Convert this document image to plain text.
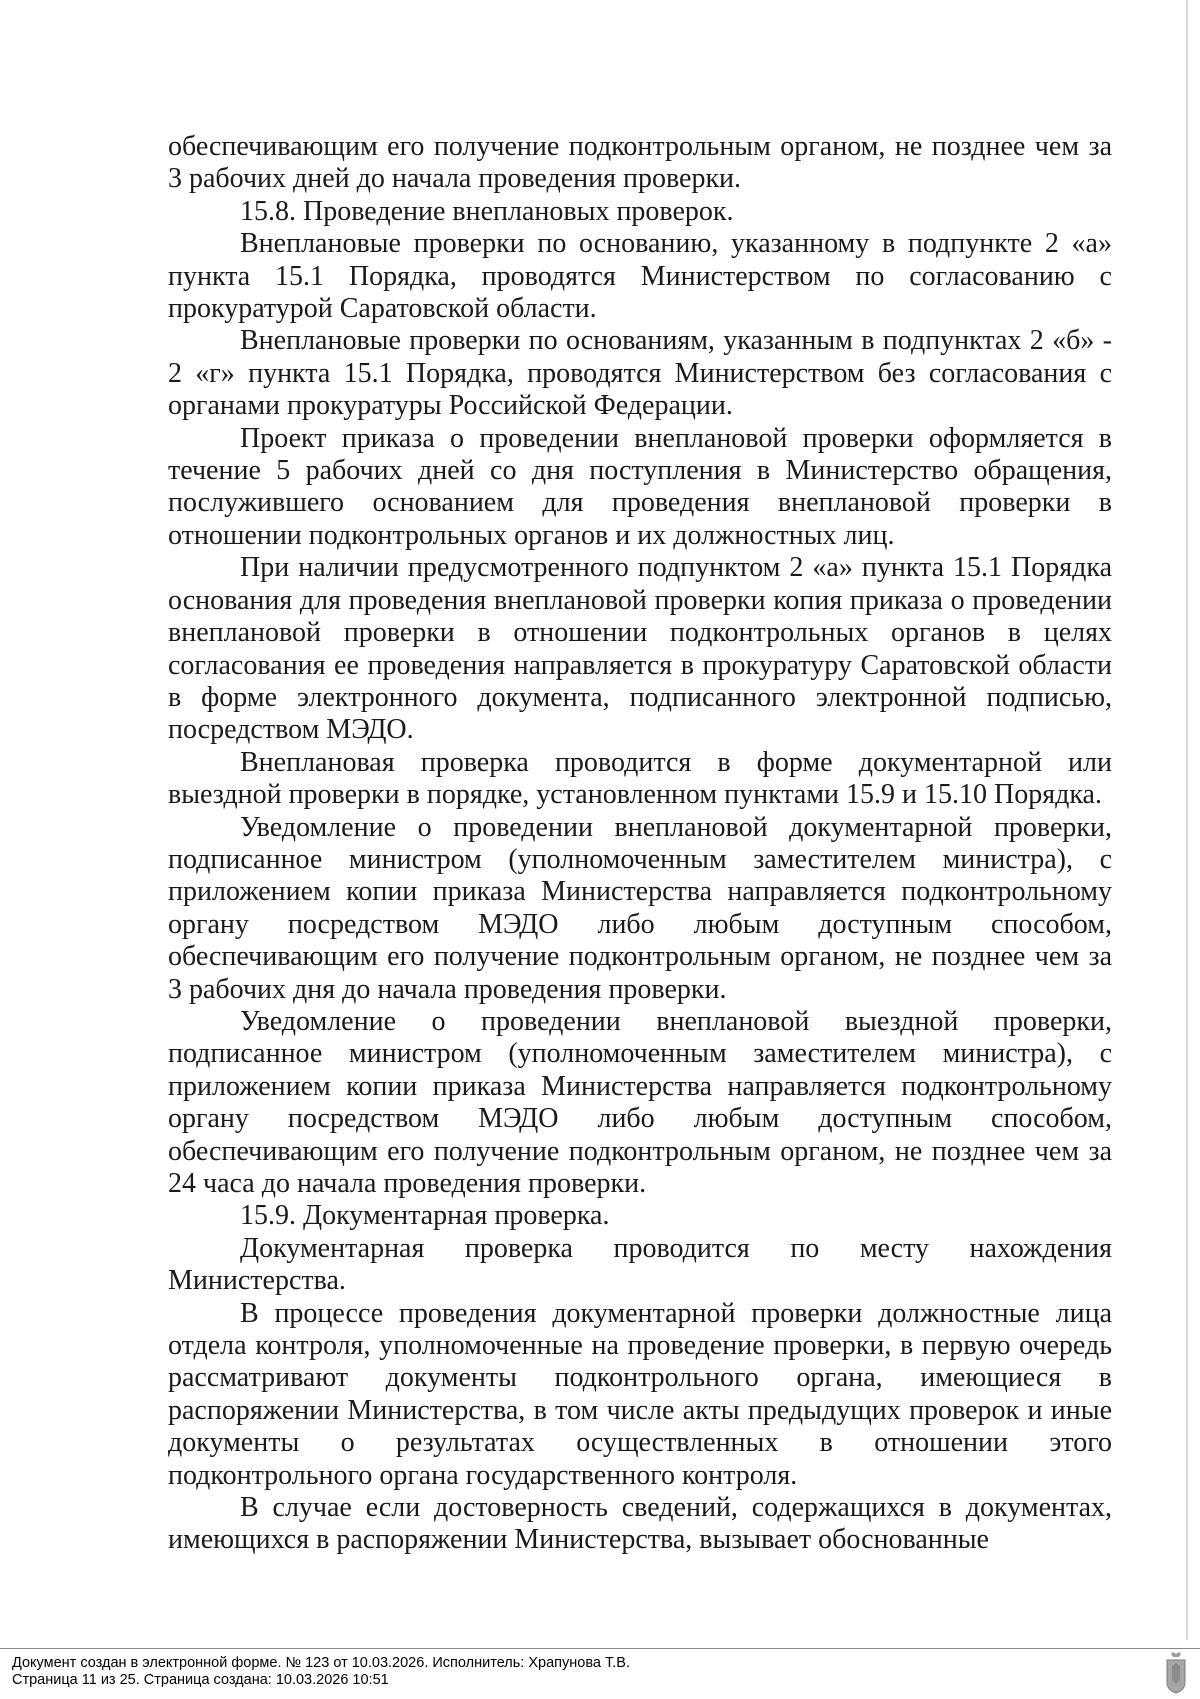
обеспечивающим его получение подконтрольным органом, не позднее чем за 3 рабочих дней до начала проведения проверки.

15.8. Проведение внеплановых проверок.

Внеплановые проверки по основанию, указанному в подпункте 2 «а» пункта 15.1 Порядка, проводятся Министерством по согласованию с прокуратурой Саратовской области.

Внеплановые проверки по основаниям, указанным в подпунктах 2 «б» - 2 «г» пункта 15.1 Порядка, проводятся Министерством без согласования с органами прокуратуры Российской Федерации.

Проект приказа о проведении внеплановой проверки оформляется в течение 5 рабочих дней со дня поступления в Министерство обращения, послужившего основанием для проведения внеплановой проверки в отношении подконтрольных органов и их должностных лиц.

При наличии предусмотренного подпунктом 2 «а» пункта 15.1 Порядка основания для проведения внеплановой проверки копия приказа о проведении внеплановой проверки в отношении подконтрольных органов в целях согласования ее проведения направляется в прокуратуру Саратовской области в форме электронного документа, подписанного электронной подписью, посредством МЭДО.

Внеплановая проверка проводится в форме документарной или выездной проверки в порядке, установленном пунктами 15.9 и 15.10 Порядка.

Уведомление о проведении внеплановой документарной проверки, подписанное министром (уполномоченным заместителем министра), с приложением копии приказа Министерства направляется подконтрольному органу посредством МЭДО либо любым доступным способом, обеспечивающим его получение подконтрольным органом, не позднее чем за 3 рабочих дня до начала проведения проверки.

Уведомление о проведении внеплановой выездной проверки, подписанное министром (уполномоченным заместителем министра), с приложением копии приказа Министерства направляется подконтрольному органу посредством МЭДО либо любым доступным способом, обеспечивающим его получение подконтрольным органом, не позднее чем за 24 часа до начала проведения проверки.

15.9. Документарная проверка.

Документарная проверка проводится по месту нахождения Министерства.

В процессе проведения документарной проверки должностные лица отдела контроля, уполномоченные на проведение проверки, в первую очередь рассматривают документы подконтрольного органа, имеющиеся в распоряжении Министерства, в том числе акты предыдущих проверок и иные документы о результатах осуществленных в отношении этого подконтрольного органа государственного контроля.

В случае если достоверность сведений, содержащихся в документах, имеющихся в распоряжении Министерства, вызывает обоснованные

Документ создан в электронной форме. № 123 от 10.03.2026. Исполнитель: Храпунова Т.В.
Страница 11 из 25. Страница создана: 10.03.2026 10:51
